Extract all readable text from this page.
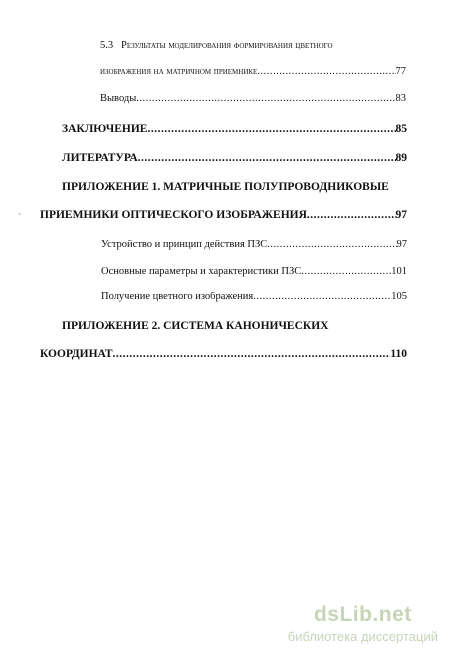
5.3 Результаты моделирования формирования цветного
изображения на матричном приемнике .....	77
Выводы .....	83
ЗАКЛЮЧЕНИЕ .....	85
ЛИТЕРАТУРА .....	89
ПРИЛОЖЕНИЕ 1. МАТРИЧНЫЕ ПОЛУПРОВОДНИКОВЫЕ
` ПРИЕМНИКИ ОПТИЧЕСКОГО ИЗОБРАЖЕНИЯ .....	97
Устройство и принцип действия ПЗС .....	97
Основные параметры и характеристики ПЗС .....	101
Получение цветного изображения .....	105
ПРИЛОЖЕНИЕ 2. СИСТЕМА КАНОНИЧЕСКИХ
КООРДИНАТ .....	110
dsLib.net
библиотека диссертаций
